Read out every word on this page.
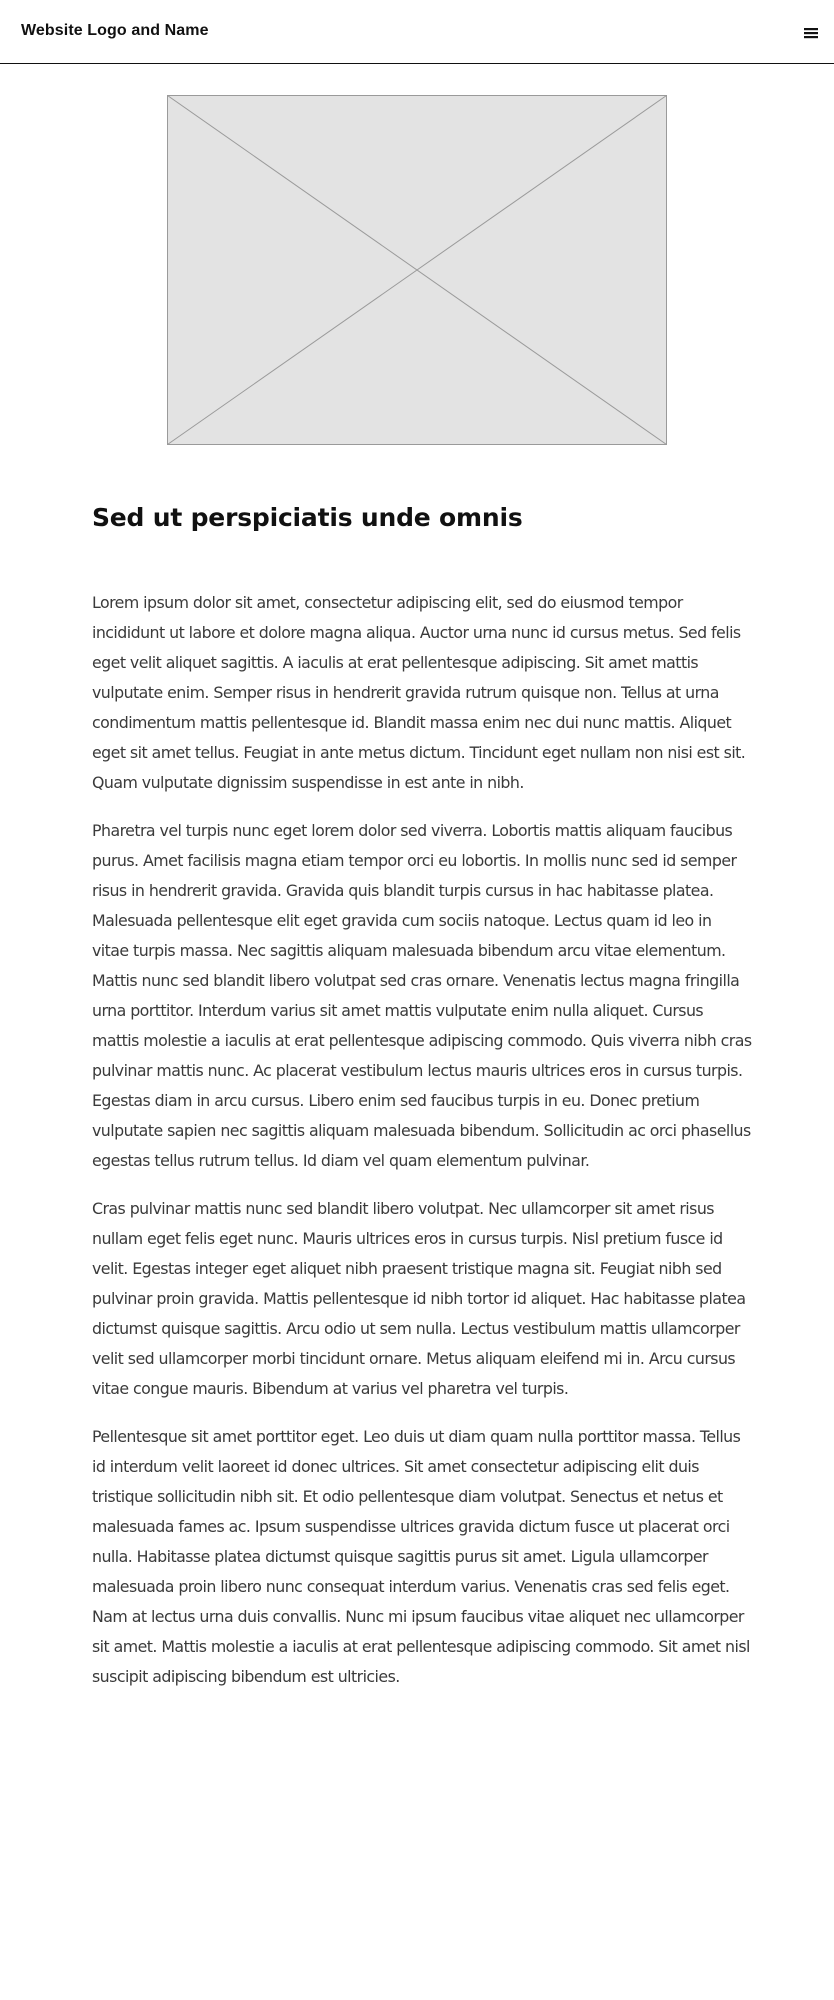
Website Logo and Name
Sed ut perspiciatis unde omnis

Lorem ipsum dolor sit amet, consectetur adipiscing elit, sed do eiusmod tempor incididunt ut labore et dolore magna aliqua. Auctor urna nunc id cursus metus. Sed felis eget velit aliquet sagittis. A iaculis at erat pellentesque adipiscing. Sit amet mattis vulputate enim. Semper risus in hendrerit gravida rutrum quisque non. Tellus at urna condimentum mattis pellentesque id. Blandit massa enim nec dui nunc mattis. Aliquet eget sit amet tellus. Feugiat in ante metus dictum. Tincidunt eget nullam non nisi est sit. Quam vulputate dignissim suspendisse in est ante in nibh.

Pharetra vel turpis nunc eget lorem dolor sed viverra. Lobortis mattis aliquam faucibus purus. Amet facilisis magna etiam tempor orci eu lobortis. In mollis nunc sed id semper risus in hendrerit gravida. Gravida quis blandit turpis cursus in hac habitasse platea. Malesuada pellentesque elit eget gravida cum sociis natoque. Lectus quam id leo in vitae turpis massa. Nec sagittis aliquam malesuada bibendum arcu vitae elementum. Mattis nunc sed blandit libero volutpat sed cras ornare. Venenatis lectus magna fringilla urna porttitor. Interdum varius sit amet mattis vulputate enim nulla aliquet. Cursus mattis molestie a iaculis at erat pellentesque adipiscing commodo. Quis viverra nibh cras pulvinar mattis nunc. Ac placerat vestibulum lectus mauris ultrices eros in cursus turpis. Egestas diam in arcu cursus. Libero enim sed faucibus turpis in eu. Donec pretium vulputate sapien nec sagittis aliquam malesuada bibendum. Sollicitudin ac orci phasellus egestas tellus rutrum tellus. Id diam vel quam elementum pulvinar.

Cras pulvinar mattis nunc sed blandit libero volutpat. Nec ullamcorper sit amet risus nullam eget felis eget nunc. Mauris ultrices eros in cursus turpis. Nisl pretium fusce id velit. Egestas integer eget aliquet nibh praesent tristique magna sit. Feugiat nibh sed pulvinar proin gravida. Mattis pellentesque id nibh tortor id aliquet. Hac habitasse platea dictumst quisque sagittis. Arcu odio ut sem nulla. Lectus vestibulum mattis ullamcorper velit sed ullamcorper morbi tincidunt ornare. Metus aliquam eleifend mi in. Arcu cursus vitae congue mauris. Bibendum at varius vel pharetra vel turpis.

Pellentesque sit amet porttitor eget. Leo duis ut diam quam nulla porttitor massa. Tellus id interdum velit laoreet id donec ultrices. Sit amet consectetur adipiscing elit duis tristique sollicitudin nibh sit. Et odio pellentesque diam volutpat. Senectus et netus et malesuada fames ac. Ipsum suspendisse ultrices gravida dictum fusce ut placerat orci nulla. Habitasse platea dictumst quisque sagittis purus sit amet. Ligula ullamcorper malesuada proin libero nunc consequat interdum varius. Venenatis cras sed felis eget. Nam at lectus urna duis convallis. Nunc mi ipsum faucibus vitae aliquet nec ullamcorper sit amet. Mattis molestie a iaculis at erat pellentesque adipiscing commodo. Sit amet nisl suscipit adipiscing bibendum est ultricies.
